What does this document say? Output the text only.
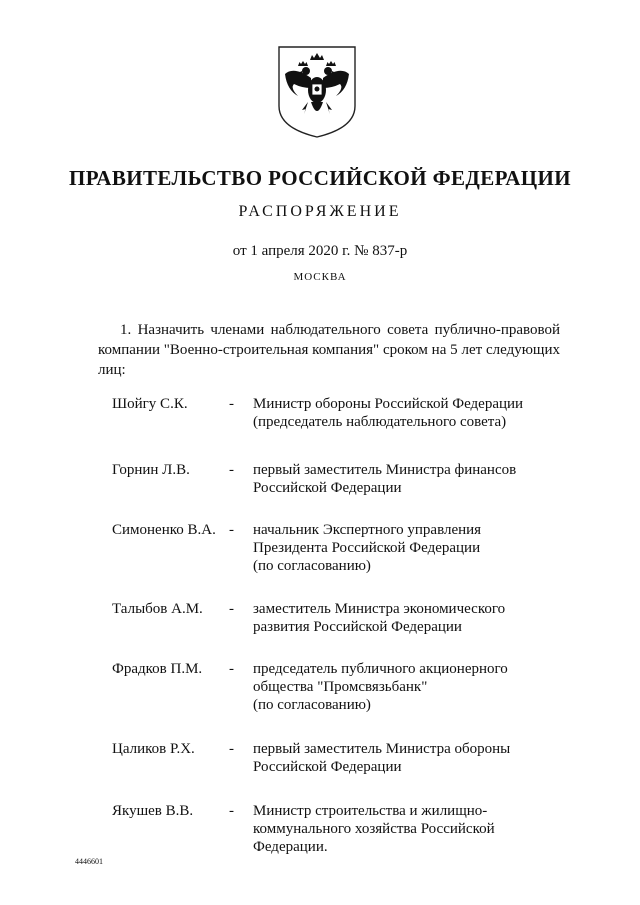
ПРАВИТЕЛЬСТВО РОССИЙСКОЙ ФЕДЕРАЦИИ
РАСПОРЯЖЕНИЕ
от 1 апреля 2020 г. № 837-р
МОСКВА
1. Назначить членами наблюдательного совета публично-правовой компании "Военно-строительная компания" сроком на 5 лет следующих лиц:
Шойгу С.К.	- Министр обороны Российской Федерации
(председатель наблюдательного совета)
Горнин Л.В.	- первый заместитель Министра финансов
Российской Федерации
Симоненко В.А. - начальник Экспертного управления
Президента Российской Федерации
(по согласованию)
Талыбов А.М. - заместитель Министра экономического
развития Российской Федерации
Фрадков П.М. - председатель публичного акционерного
общества "Промсвязьбанк"
(по согласованию)
Цаликов Р.Х. - первый заместитель Министра обороны
Российской Федерации
Якушев В.В. - Министр строительства и жилищно-
коммунального хозяйства Российской
Федерации.
4446601
